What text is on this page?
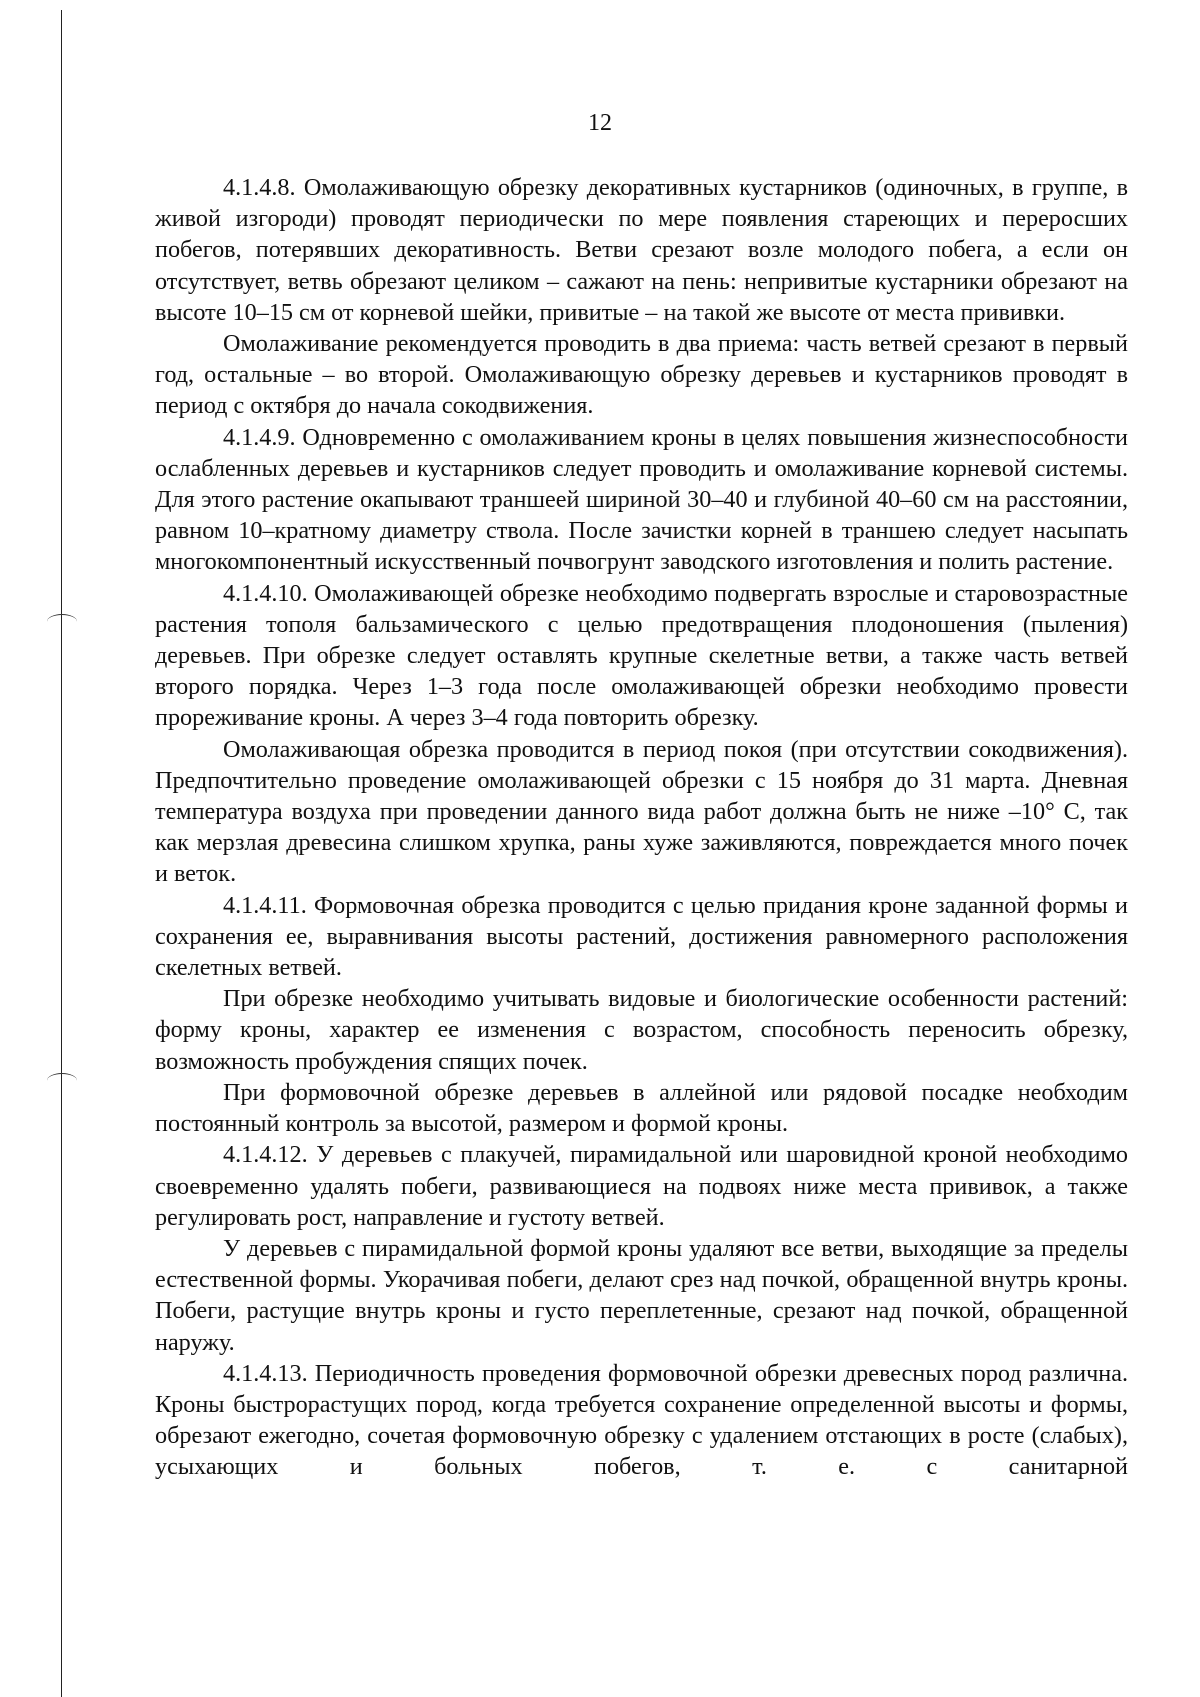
12

4.1.4.8. Омолаживающую обрезку декоративных кустарников (одиночных, в группе, в живой изгороди) проводят периодически по мере появления стареющих и переросших побегов, потерявших декоративность. Ветви срезают возле молодого побега, а если он отсутствует, ветвь обрезают целиком – сажают на пень: непривитые кустарники обрезают на высоте 10–15 см от корневой шейки, привитые – на такой же высоте от места прививки.

Омолаживание рекомендуется проводить в два приема: часть ветвей срезают в первый год, остальные – во второй. Омолаживающую обрезку деревьев и кустарников проводят в период с октября до начала сокодвижения.

4.1.4.9. Одновременно с омолаживанием кроны в целях повышения жизнеспособности ослабленных деревьев и кустарников следует проводить и омолаживание корневой системы. Для этого растение окапывают траншеей шириной 30–40 и глубиной 40–60 см на расстоянии, равном 10–кратному диаметру ствола. После зачистки корней в траншею следует насыпать многокомпонентный искусственный почвогрунт заводского изготовления и полить растение.

4.1.4.10. Омолаживающей обрезке необходимо подвергать взрослые и старовозрастные растения тополя бальзамического с целью предотвращения плодоношения (пыления) деревьев. При обрезке следует оставлять крупные скелетные ветви, а также часть ветвей второго порядка. Через 1–3 года после омолаживающей обрезки необходимо провести прореживание кроны. А через 3–4 года повторить обрезку.

Омолаживающая обрезка проводится в период покоя (при отсутствии сокодвижения). Предпочтительно проведение омолаживающей обрезки с 15 ноября до 31 марта. Дневная температура воздуха при проведении данного вида работ должна быть не ниже –10° С, так как мерзлая древесина слишком хрупка, раны хуже заживляются, повреждается много почек и веток.

4.1.4.11. Формовочная обрезка проводится с целью придания кроне заданной формы и сохранения ее, выравнивания высоты растений, достижения равномерного расположения скелетных ветвей.

При обрезке необходимо учитывать видовые и биологические особенности растений: форму кроны, характер ее изменения с возрастом, способность переносить обрезку, возможность пробуждения спящих почек.

При формовочной обрезке деревьев в аллейной или рядовой посадке необходим постоянный контроль за высотой, размером и формой кроны.

4.1.4.12. У деревьев с плакучей, пирамидальной или шаровидной кроной необходимо своевременно удалять побеги, развивающиеся на подвоях ниже места прививок, а также регулировать рост, направление и густоту ветвей.

У деревьев с пирамидальной формой кроны удаляют все ветви, выходящие за пределы естественной формы. Укорачивая побеги, делают срез над почкой, обращенной внутрь кроны. Побеги, растущие внутрь кроны и густо переплетенные, срезают над почкой, обращенной наружу.

4.1.4.13. Периодичность проведения формовочной обрезки древесных пород различна. Кроны быстрорастущих пород, когда требуется сохранение определенной высоты и формы, обрезают ежегодно, сочетая формовочную обрезку с удалением отстающих в росте (слабых), усыхающих и больных побегов, т. е. с санитарной
